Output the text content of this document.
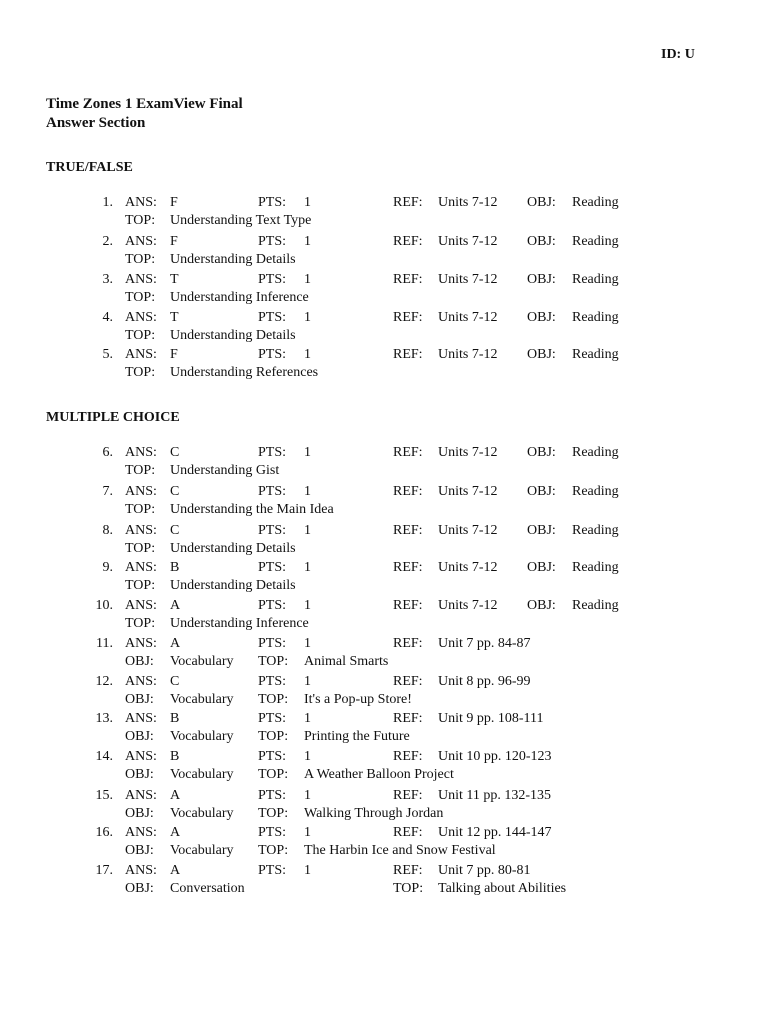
ID: U
Time Zones 1 ExamView Final
Answer Section
TRUE/FALSE
MULTIPLE CHOICE
1. ANS: F	PTS: 1	REF: Units 7-12 OBJ: Reading
TOP: Understanding Text Type
2. ANS: F	PTS: 1	REF: Units 7-12 OBJ: Reading
TOP: Understanding Details
3. ANS: T	PTS: 1	REF: Units 7-12 OBJ: Reading
TOP: Understanding Inference
4. ANS: T	PTS: 1	REF: Units 7-12 OBJ: Reading
TOP: Understanding Details
5. ANS: F	PTS: 1	REF: Units 7-12 OBJ: Reading
TOP: Understanding References
6. ANS: C	PTS: 1	REF: Units 7-12 OBJ: Reading
TOP: Understanding Gist
7. ANS: C	PTS: 1	REF: Units 7-12 OBJ: Reading
TOP: Understanding the Main Idea
8. ANS: C	PTS: 1	REF: Units 7-12 OBJ: Reading
TOP: Understanding Details
9. ANS: B	PTS: 1	REF: Units 7-12 OBJ: Reading
TOP: Understanding Details
10. ANS: A	PTS: 1	REF: Units 7-12 OBJ: Reading
TOP: Understanding Inference
11. ANS: A	PTS: 1	REF: Unit 7 pp. 84-87
OBJ: Vocabulary TOP: Animal Smarts
12. ANS: C	PTS: 1	REF: Unit 8 pp. 96-99
OBJ: Vocabulary TOP: It's a Pop-up Store!
13. ANS: B	PTS: 1	REF: Unit 9 pp. 108-111
OBJ: Vocabulary TOP: Printing the Future
14. ANS: B	PTS: 1	REF: Unit 10 pp. 120-123
OBJ: Vocabulary TOP: A Weather Balloon Project
15. ANS: A	PTS: 1	REF: Unit 11 pp. 132-135
OBJ: Vocabulary TOP: Walking Through Jordan
16. ANS: A	PTS: 1	REF: Unit 12 pp. 144-147
OBJ: Vocabulary TOP: The Harbin Ice and Snow Festival
17. ANS: A	PTS: 1	REF: Unit 7 pp. 80-81
OBJ: Conversation	TOP: Talking about Abilities
